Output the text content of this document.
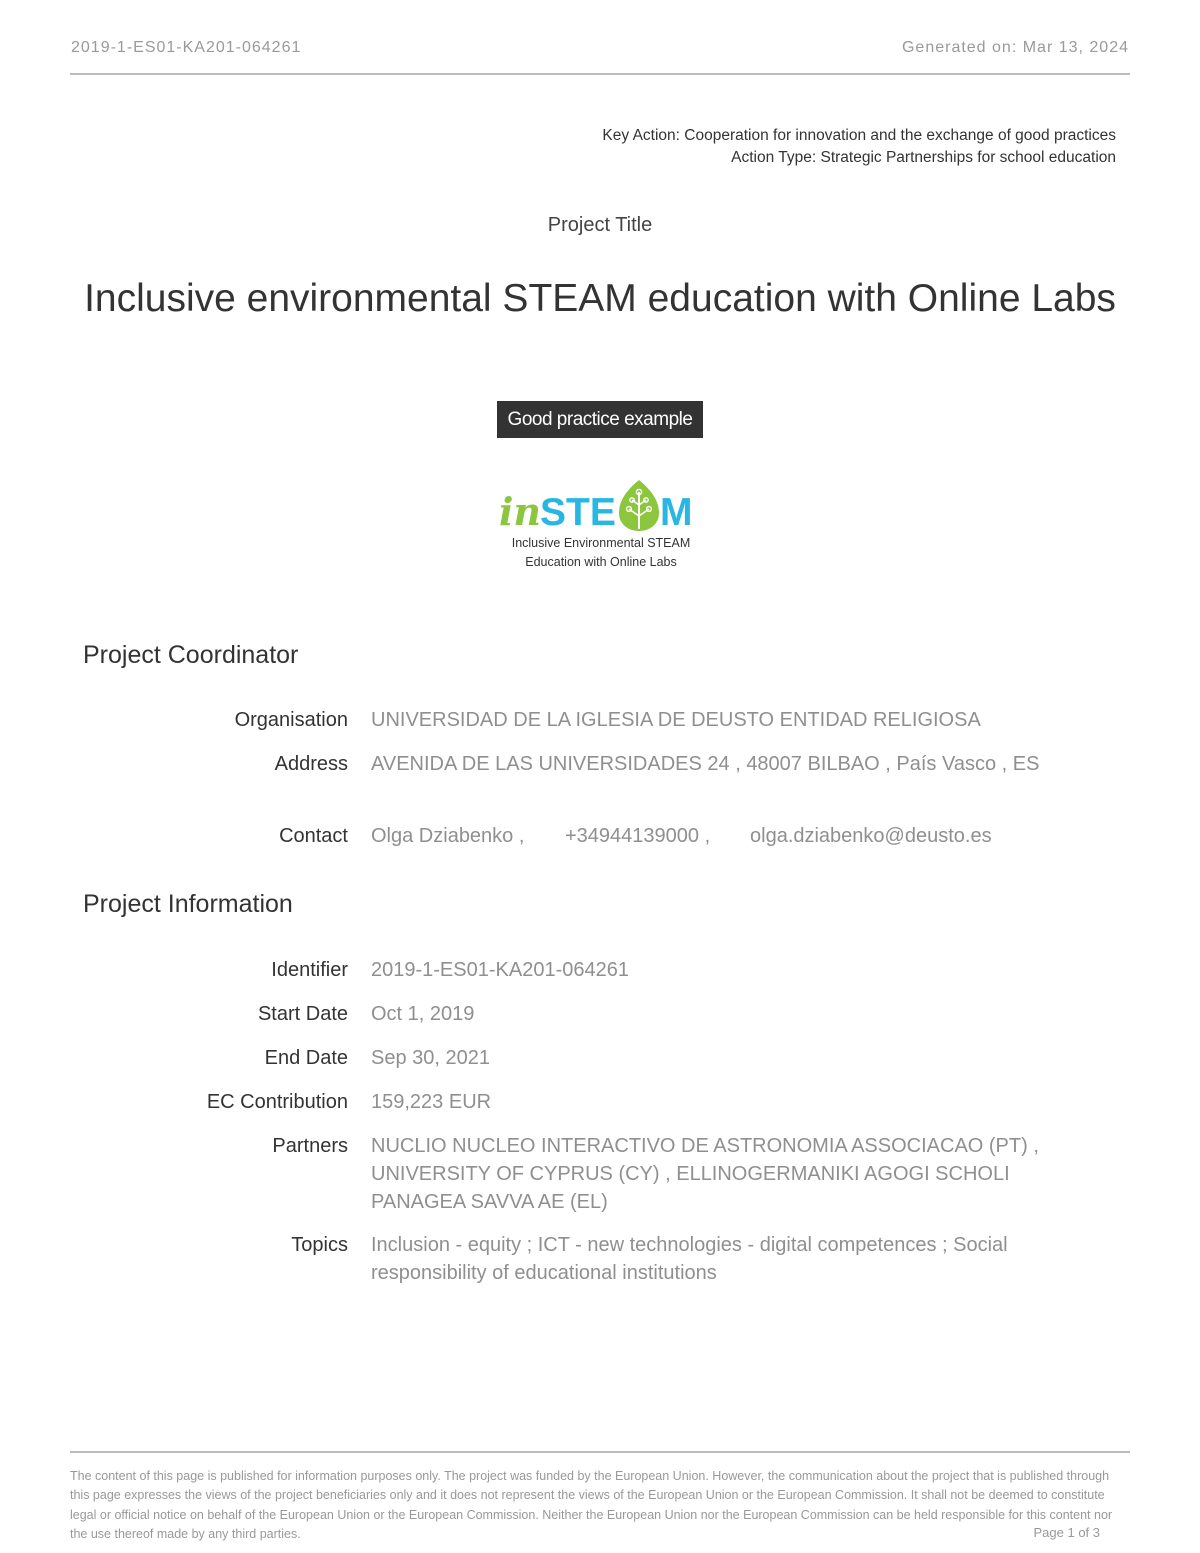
2019-1-ES01-KA201-064261	Generated on: Mar 13, 2024
Key Action: Cooperation for innovation and the exchange of good practices
Action Type: Strategic Partnerships for school education
Project Title
Inclusive environmental STEAM education with Online Labs
Good practice example
in
STE M
Inclusive Environmental STEAM
Education with Online Labs
Project Coordinator
Organisation UNIVERSIDAD DE LA IGLESIA DE DEUSTO ENTIDAD RELIGIOSA
Address AVENIDA DE LAS UNIVERSIDADES 24 , 48007 BILBAO , País Vasco , ES
Contact Olga Dziabenko , +34944139000 , olga.dziabenko@deusto.es
Project Information
Identifier 2019-1-ES01-KA201-064261
Start Date Oct 1, 2019
End Date Sep 30, 2021
EC Contribution 159,223 EUR
Partners NUCLIO NUCLEO INTERACTIVO DE ASTRONOMIA ASSOCIACAO (PT) , UNIVERSITY OF CYPRUS (CY) , ELLINOGERMANIKI AGOGI SCHOLI PANAGEA SAVVA AE (EL)
Topics Inclusion - equity ; ICT - new technologies - digital competences ; Social responsibility of educational institutions
The content of this page is published for information purposes only. The project was funded by the European Union. However, the communication about the project that is published through this page expresses the views of the project beneficiaries only and it does not represent the views of the European Union or the European Commission. It shall not be deemed to constitute legal or official notice on behalf of the European Union or the European Commission. Neither the European Union nor the European Commission can be held responsible for this content nor the use thereof made by any third parties.	Page 1 of 3
